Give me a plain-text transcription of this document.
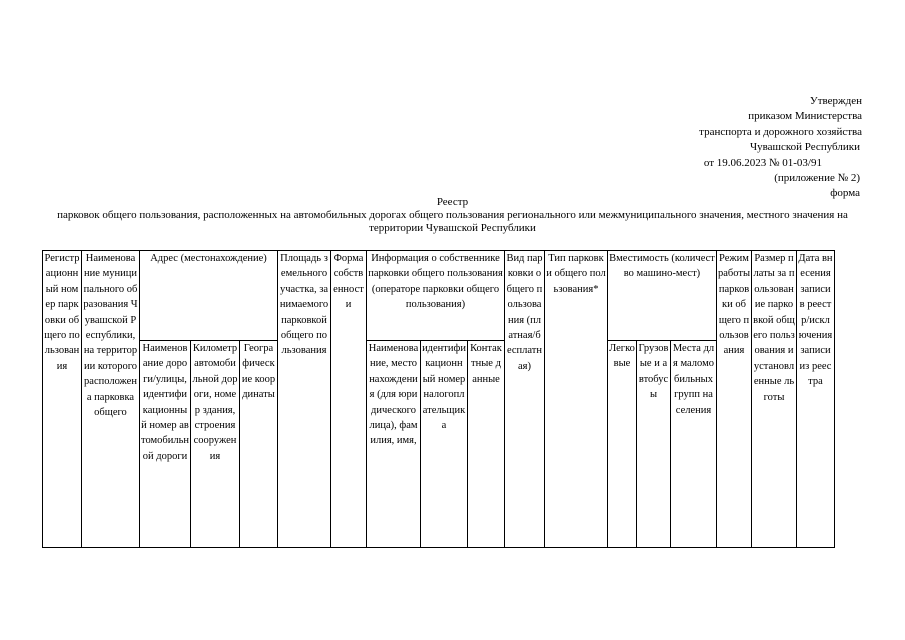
Утвержден
приказом Министерства
транспорта и дорожного хозяйства
Чувашской Республики
от 19.06.2023 № 01-03/91
(приложение № 2)
форма
Реестр
парковок общего пользования, расположенных на автомобильных дорогах общего пользования регионального или межмуниципального значения, местного значения на территории Чувашской Республики
Регистрационный номер парковки общего пользования	Наименование муниципального образования Чувашской Республики, на территории которого расположена парковка общего	Адрес (местонахождение)			Площадь земельного участка, занимаемого парковкой общего пользования	Форма собственности	Информация о собственнике парковки общего пользования (операторе парковки общего пользования)			Вид парковки общего пользования (платная/бесплатная)	Тип парковки общего пользования*	Вместимость (количество машино-мест)			Режим работы парковки общего пользования	Размер платы за пользование парковкой общего пользования и установленные льготы	Дата внесения записи в реестр/исключения записи из реестра
		Наименование дороги/улицы, идентификационный номер автомобильной дороги	Километр автомобильной дороги, номер здания, строения сооружения	Географические координаты			Наименование, местонахождения (для юридического лица), фамилия, имя,	идентификационный номер налогоплательщика	Контактные данные			Легковые	Грузовые и автобусы	Места для маломобильных групп населения			
